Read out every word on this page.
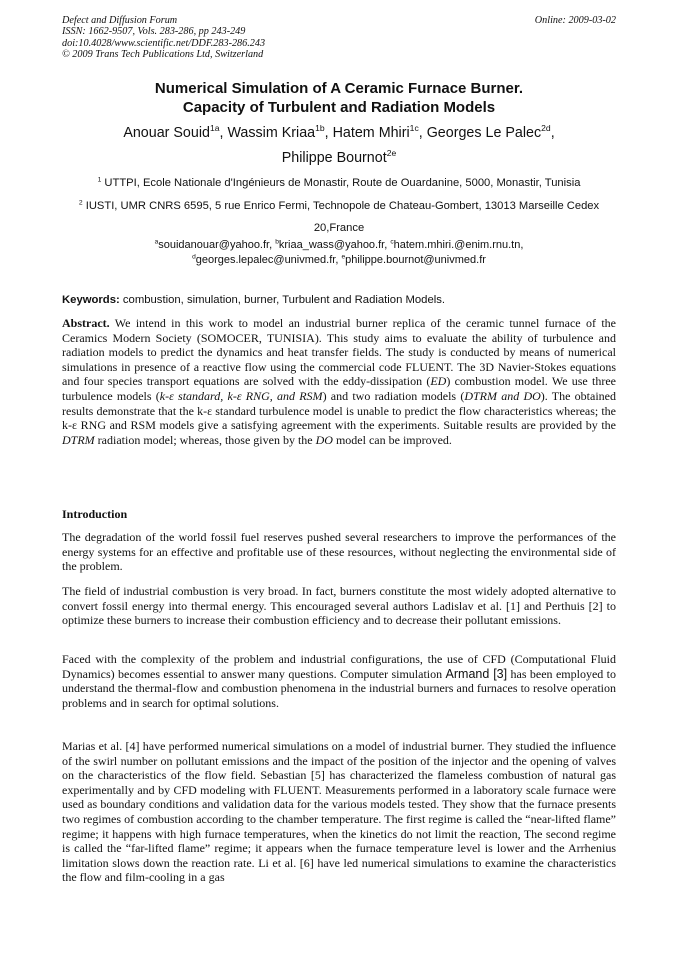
Defect and Diffusion Forum
ISSN: 1662-9507, Vols. 283-286, pp 243-249
doi:10.4028/www.scientific.net/DDF.283-286.243
© 2009 Trans Tech Publications Ltd, Switzerland
Online: 2009-03-02
Numerical Simulation of A Ceramic Furnace Burner.
Capacity of Turbulent and Radiation Models
Anouar Souid$^{1a}$, Wassim Kriaa$^{1b}$, Hatem Mhiri$^{1c}$, Georges Le Palec$^{2d}$,
Philippe Bournot$^{2e}$
$^1$ UTTPI, Ecole Nationale d'Ingénieurs de Monastir, Route de Ouardanine, 5000, Monastir, Tunisia
$^2$ IUSTI, UMR CNRS 6595, 5 rue Enrico Fermi, Technopole de Chateau-Gombert, 13013 Marseille Cedex 20,France
$^a$souidanouar@yahoo.fr, $^b$kriaa_wass@yahoo.fr, $^c$hatem.mhiri.@enim.rnu.tn,
$^d$georges.lepalec@univmed.fr, $^e$philippe.bournot@univmed.fr
Keywords: combustion, simulation, burner, Turbulent and Radiation Models.
Abstract. We intend in this work to model an industrial burner replica of the ceramic tunnel furnace of the Ceramics Modern Society (SOMOCER, TUNISIA). This study aims to evaluate the ability of turbulence and radiation models to predict the dynamics and heat transfer fields. The study is conducted by means of numerical simulations in presence of a reactive flow using the commercial code FLUENT. The 3D Navier-Stokes equations and four species transport equations are solved with the eddy-dissipation (ED) combustion model. We use three turbulence models (k-ε standard, k-ε RNG, and RSM) and two radiation models (DTRM and DO). The obtained results demonstrate that the k-ε standard turbulence model is unable to predict the flow characteristics whereas; the k-ε RNG and RSM models give a satisfying agreement with the experiments. Suitable results are provided by the DTRM radiation model; whereas, those given by the DO model can be improved.
Introduction

The degradation of the world fossil fuel reserves pushed several researchers to improve the performances of the energy systems for an effective and profitable use of these resources, without neglecting the environmental side of the problem.

The field of industrial combustion is very broad. In fact, burners constitute the most widely adopted alternative to convert fossil energy into thermal energy. This encouraged several authors Ladislav et al. [1] and Perthuis [2] to optimize these burners to increase their combustion efficiency and to decrease their pollutant emissions.

Faced with the complexity of the problem and industrial configurations, the use of CFD (Computational Fluid Dynamics) becomes essential to answer many questions. Computer simulation Armand [3] has been employed to understand the thermal-flow and combustion phenomena in the industrial burners and furnaces to resolve operation problems and in search for optimal solutions.

Marias et al. [4] have performed numerical simulations on a model of industrial burner. They studied the influence of the swirl number on pollutant emissions and the impact of the position of the injector and the opening of valves on the characteristics of the flow field. Sebastian [5] has characterized the flameless combustion of natural gas experimentally and by CFD modeling with FLUENT. Measurements performed in a laboratory scale furnace were used as boundary conditions and validation data for the various models tested. They show that the furnace presents two regimes of combustion according to the chamber temperature. The first regime is called the “near-lifted flame” regime; it happens with high furnace temperatures, when the kinetics do not limit the reaction, The second regime is called the “far-lifted flame” regime; it appears when the furnace temperature level is lower and the Arrhenius limitation slows down the reaction rate. Li et al. [6] have led numerical simulations to examine the characteristics the flow and film-cooling in a gas
